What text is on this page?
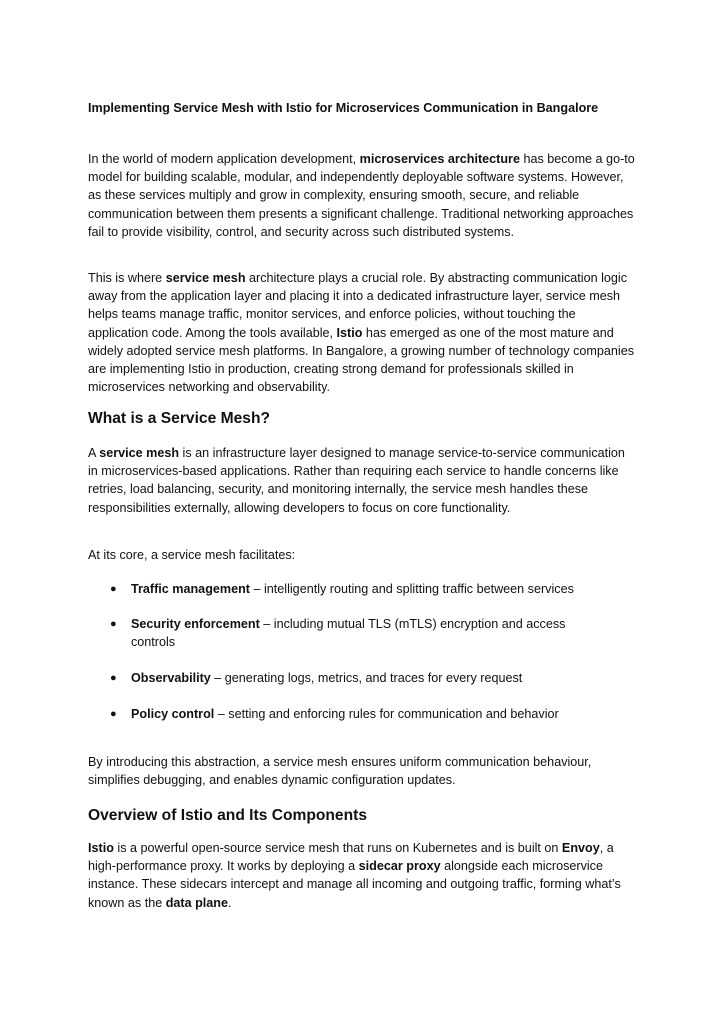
Implementing Service Mesh with Istio for Microservices Communication in Bangalore

In the world of modern application development, microservices architecture has become a go-to model for building scalable, modular, and independently deployable software systems. However, as these services multiply and grow in complexity, ensuring smooth, secure, and reliable communication between them presents a significant challenge. Traditional networking approaches fail to provide visibility, control, and security across such distributed systems.

This is where service mesh architecture plays a crucial role. By abstracting communication logic away from the application layer and placing it into a dedicated infrastructure layer, service mesh helps teams manage traffic, monitor services, and enforce policies, without touching the application code. Among the tools available, Istio has emerged as one of the most mature and widely adopted service mesh platforms. In Bangalore, a growing number of technology companies are implementing Istio in production, creating strong demand for professionals skilled in microservices networking and observability.

What is a Service Mesh?

A service mesh is an infrastructure layer designed to manage service-to-service communication in microservices-based applications. Rather than requiring each service to handle concerns like retries, load balancing, security, and monitoring internally, the service mesh handles these responsibilities externally, allowing developers to focus on core functionality.

At its core, a service mesh facilitates:

● Traffic management – intelligently routing and splitting traffic between services
● Security enforcement – including mutual TLS (mTLS) encryption and access controls
● Observability – generating logs, metrics, and traces for every request
● Policy control – setting and enforcing rules for communication and behavior

By introducing this abstraction, a service mesh ensures uniform communication behaviour, simplifies debugging, and enables dynamic configuration updates.

Overview of Istio and Its Components

Istio is a powerful open-source service mesh that runs on Kubernetes and is built on Envoy, a high-performance proxy. It works by deploying a sidecar proxy alongside each microservice instance. These sidecars intercept and manage all incoming and outgoing traffic, forming what’s known as the data plane.
